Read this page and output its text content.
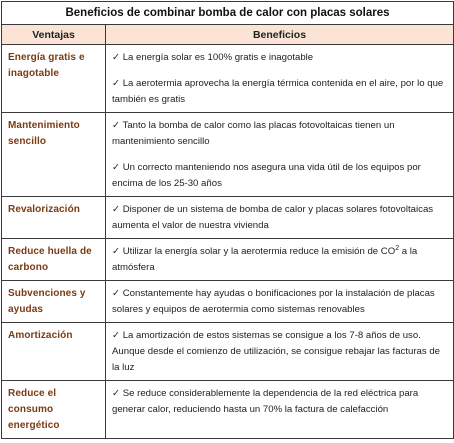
Beneficios de combinar bomba de calor con placas solares	
Ventajas	Beneficios
Energía gratis e inagotable	✓ La energía solar es 100% gratis e inagotable

✓ La aerotermia aprovecha la energía térmica contenida en el aire, por lo que también es gratis

Mantenimiento sencillo	✓ Tanto la bomba de calor como las placas fotovoltaicas tienen un mantenimiento sencillo

✓ Un correcto manteniendo nos asegura una vida útil de los equipos por encima de los 25-30 años

Revalorización	✓ Disponer de un sistema de bomba de calor y placas solares fotovoltaicas aumenta el valor de nuestra vivienda

Reduce huella de carbono	✓ Utilizar la energía solar y la aerotermia reduce la emisión de $CO^2$ a la atmósfera

Subvenciones y ayudas	✓ Constantemente hay ayudas o bonificaciones por la instalación de placas solares y equipos de aerotermia como sistemas renovables

Amortización	✓ La amortización de estos sistemas se consigue a los 7-8 años de uso. Aunque desde el comienzo de utilización, se consigue rebajar las facturas de la luz

Reduce el consumo energético	✓ Se reduce considerablemente la dependencia de la red eléctrica para generar calor, reduciendo hasta un 70% la factura de calefacción
